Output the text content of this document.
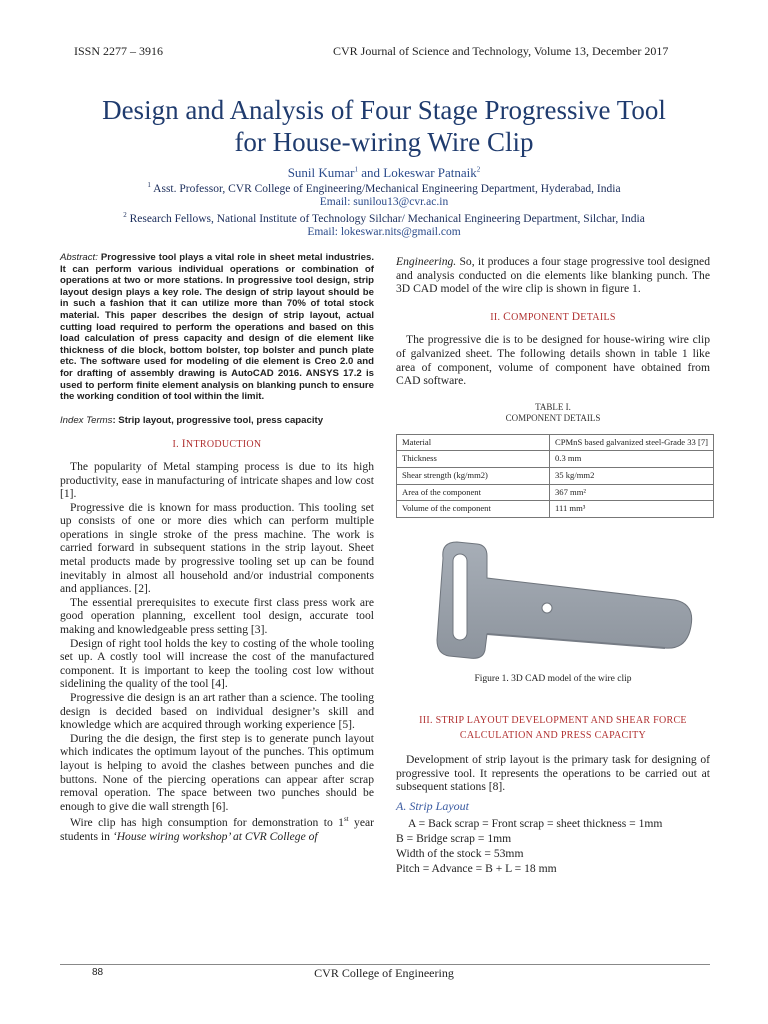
ISSN 2277 – 3916	CVR Journal of Science and Technology, Volume 13, December 2017
Design and Analysis of Four Stage Progressive Tool
for House-wiring Wire Clip
Sunil Kumar$^1$ and Lokeswar Patnaik$^2$
$^1$ Asst. Professor, CVR College of Engineering/Mechanical Engineering Department, Hyderabad, India
Email: sunilou13@cvr.ac.in
$^2$ Research Fellows, National Institute of Technology Silchar/ Mechanical Engineering Department, Silchar, India
Email: lokeswar.nits@gmail.com

Abstract: Progressive tool plays a vital role in sheet metal industries. It can perform various individual operations or combination of operations at two or more stations. In progressive tool design, strip layout design plays a key role. The design of strip layout should be in such a fashion that it can utilize more than 70% of total stock material. This paper describes the design of strip layout, actual cutting load required to perform the operations and based on this load calculation of press capacity and design of die element like thickness of die block, bottom bolster, top bolster and punch plate etc. The software used for modeling of die element is Creo 2.0 and for drafting of assembly drawing is AutoCAD 2016. ANSYS 17.2 is used to perform finite element analysis on blanking punch to ensure the working condition of tool within the limit.

Index Terms: Strip layout, progressive tool, press capacity

I. INTRODUCTION

The popularity of Metal stamping process is due to its high productivity, ease in manufacturing of intricate shapes and low cost [1].

Progressive die is known for mass production. This tooling set up consists of one or more dies which can perform multiple operations in single stroke of the press machine. The work is carried forward in subsequent stations in the strip layout. Sheet metal products made by progressive tooling set up can be found inevitably in almost all household and/or industrial components and appliances. [2].

The essential prerequisites to execute first class press work are good operation planning, excellent tool design, accurate tool making and knowledgeable press setting [3].

Design of right tool holds the key to costing of the whole tooling set up. A costly tool will increase the cost of the manufactured component. It is important to keep the tooling cost low without sidelining the quality of the tool [4].

Progressive die design is an art rather than a science. The tooling design is decided based on individual designer’s skill and knowledge which are acquired through working experience [5].

During the die design, the first step is to generate punch layout which indicates the optimum layout of the punches. This optimum layout is helping to avoid the clashes between punches and die buttons. None of the piercing operations can appear after scrap removal operation. The space between two punches should be enough to give die wall strength [6].

Wire clip has high consumption for demonstration to 1st year students in ‘House wiring workshop’ at CVR College of

Engineering. So, it produces a four stage progressive tool designed and analysis conducted on die elements like blanking punch. The 3D CAD model of the wire clip is shown in figure 1.

II. COMPONENT DETAILS

The progressive die is to be designed for house-wiring wire clip of galvanized sheet. The following details shown in table 1 like area of component, volume of component have obtained from CAD software.

TABLE I.
COMPONENT DETAILS
Material	CPMnS based galvanized steel-Grade 33 [7]
Thickness	0.3 mm
Shear strength (kg/mm2)	35 kg/mm2
Area of the component	367 mm²
Volume of the component	111 mm³
Figure 1. 3D CAD model of the wire clip
III. STRIP LAYOUT DEVELOPMENT AND SHEAR FORCE
CALCULATION AND PRESS CAPACITY

Development of strip layout is the primary task for designing of progressive tool. It represents the operations to be carried out at subsequent stations [8].

A. Strip Layout
A = Back scrap = Front scrap = sheet thickness = 1mm
B = Bridge scrap = 1mm
Width of the stock = 53mm
Pitch = Advance = B + L = 18 mm
88	CVR College of Engineering
